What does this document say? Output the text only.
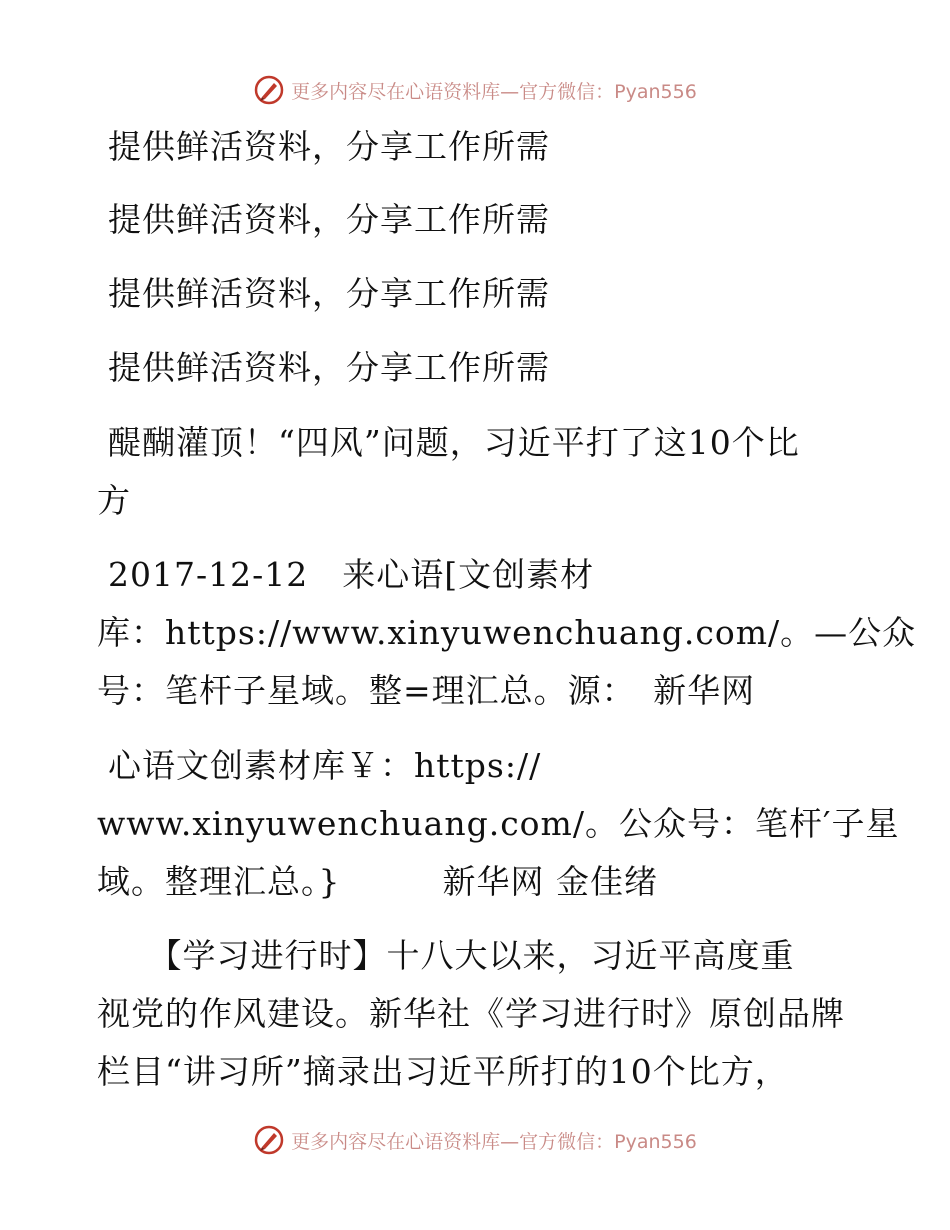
更多内容尽在心语资料库—官方微信：Pyan556
提供鲜活资料，分享工作所需
提供鲜活资料，分享工作所需
提供鲜活资料，分享工作所需
提供鲜活资料，分享工作所需
醍醐灌顶！“四风”问题，习近平打了这10个比
方
2017-12-12　来心语[文创素材
库：https://www.xinyuwenchuang.com/。—公众
号：笔杆子星域。整=理汇总。源：　新华网
心语文创素材库￥：https://
www.xinyuwenchuang.com/。公众号：笔杆′子星
域。整理汇总。}　　　新华网 金佳绪
　　【学习进行时】十八大以来，习近平高度重
视党的作风建设。新华社《学习进行时》原创品牌
栏目“讲习所”摘录出习近平所打的10个比方，
更多内容尽在心语资料库—官方微信：Pyan556
